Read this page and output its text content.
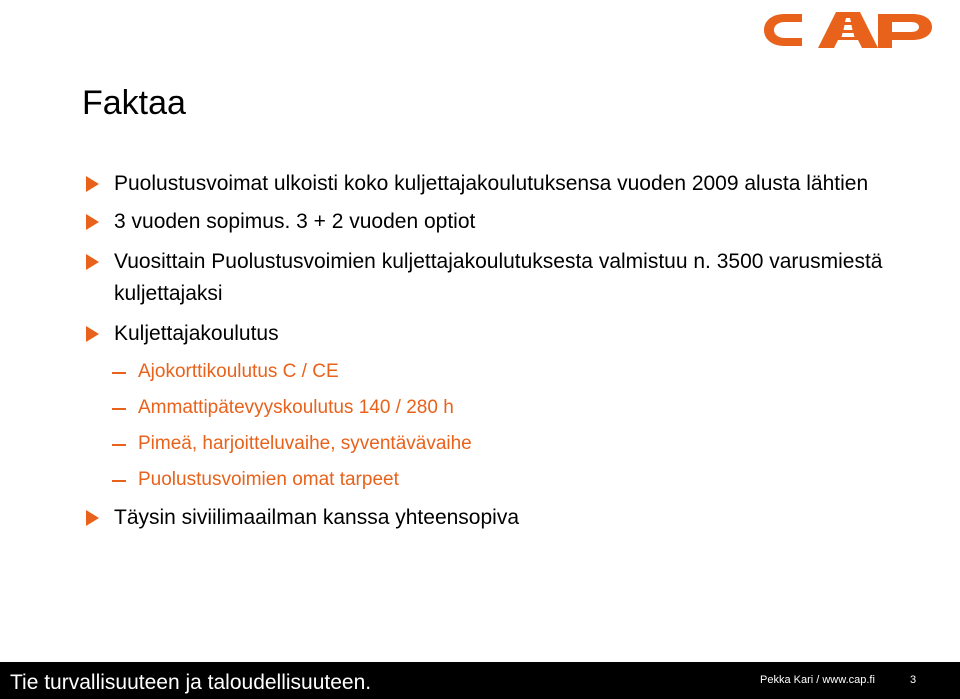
CAP
Faktaa
Puolustusvoimat ulkoisti koko kuljettajakoulutuksensa vuoden 2009 alusta lähtien
3 vuoden sopimus. 3 + 2 vuoden optiot
Vuosittain Puolustusvoimien kuljettajakoulutuksesta valmistuu n. 3500 varusmiestä kuljettajaksi
Kuljettajakoulutus
Ajokorttikoulutus C / CE
Ammattipätevyyskoulutus 140 / 280 h
Pimeä, harjoitteluvaihe, syventävävaihe
Puolustusvoimien omat tarpeet
Täysin siviilimaailman kanssa yhteensopiva
Tie turvallisuuteen ja taloudellisuuteen.	Pekka Kari / www.cap.fi	3
